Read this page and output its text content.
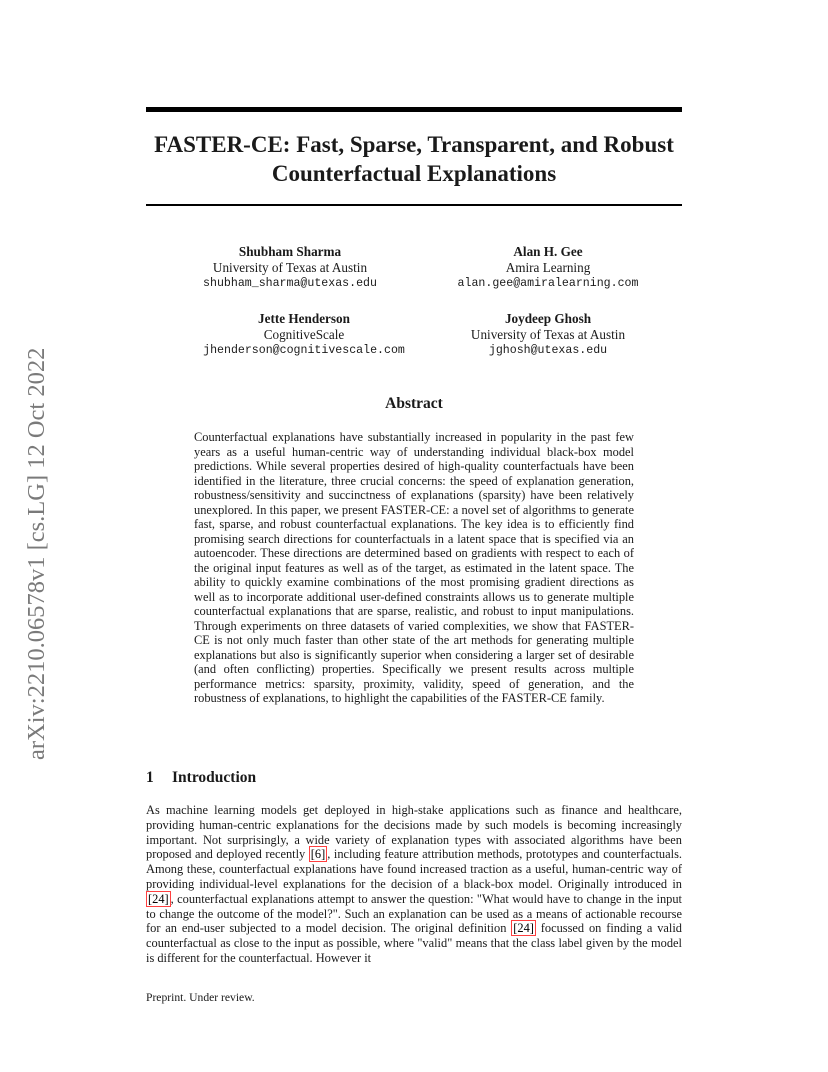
arXiv:2210.06578v1 [cs.LG] 12 Oct 2022
FASTER-CE: Fast, Sparse, Transparent, and Robust
Counterfactual Explanations
Shubham Sharma
University of Texas at Austin
shubham_sharma@utexas.edu
Alan H. Gee
Amira Learning
alan.gee@amiralearning.com
Jette Henderson
CognitiveScale
jhenderson@cognitivescale.com
Joydeep Ghosh
University of Texas at Austin
jghosh@utexas.edu
Abstract
Counterfactual explanations have substantially increased in popularity in the past few years as a useful human-centric way of understanding individual black-box model predictions. While several properties desired of high-quality counterfactuals have been identified in the literature, three crucial concerns: the speed of explanation generation, robustness/sensitivity and succinctness of explanations (sparsity) have been relatively unexplored. In this paper, we present FASTER-CE: a novel set of algorithms to generate fast, sparse, and robust counterfactual explanations. The key idea is to efficiently find promising search directions for counterfactuals in a latent space that is specified via an autoencoder. These directions are determined based on gradients with respect to each of the original input features as well as of the target, as estimated in the latent space. The ability to quickly examine combinations of the most promising gradient directions as well as to incorporate additional user-defined constraints allows us to generate multiple counterfactual explanations that are sparse, realistic, and robust to input manipulations. Through experiments on three datasets of varied complexities, we show that FASTER-CE is not only much faster than other state of the art methods for generating multiple explanations but also is significantly superior when considering a larger set of desirable (and often conflicting) properties. Specifically we present results across multiple performance metrics: sparsity, proximity, validity, speed of generation, and the robustness of explanations, to highlight the capabilities of the FASTER-CE family.
1 Introduction
As machine learning models get deployed in high-stake applications such as finance and healthcare, providing human-centric explanations for the decisions made by such models is becoming increasingly important. Not surprisingly, a wide variety of explanation types with associated algorithms have been proposed and deployed recently [6] , including feature attribution methods, prototypes and counterfactuals. Among these, counterfactual explanations have found increased traction as a useful, human-centric way of providing individual-level explanations for the decision of a black-box model. Originally introduced in [24] , counterfactual explanations attempt to answer the question: "What would have to change in the input to change the outcome of the model?". Such an explanation can be used as a means of actionable recourse for an end-user subjected to a model decision. The original definition [24] focussed on finding a valid counterfactual as close to the input as possible, where "valid" means that the class label given by the model is different for the counterfactual. However it
Preprint. Under review.
